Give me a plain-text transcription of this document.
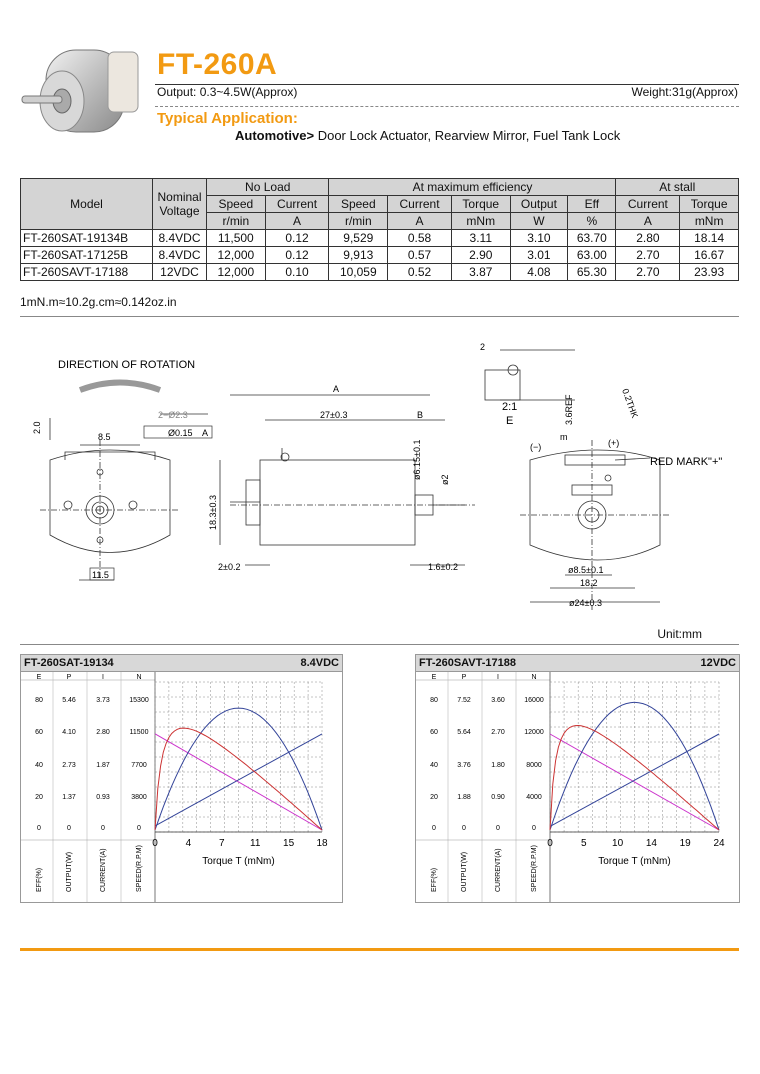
FT-260A
Output: 0.3~4.5W(Approx)	Weight:31g(Approx)
Typical Application:
Automotive> Door Lock Actuator, Rearview Mirror, Fuel Tank Lock
Model	Nominal Voltage	No Load		At maximum efficiency					At stall	
		Speed	Current	Speed	Current	Torque	Output	Eff	Current	Torque
		r/min	A	r/min	A	mNm	W	%	A	mNm
FT-260SAT-19134B	8.4VDC	11,500	0.12	9,529	0.58	3.11	3.10	63.70	2.80	18.14
FT-260SAT-17125B	8.4VDC	12,000	0.12	9,913	0.57	2.90	3.01	63.00	2.70	16.67
FT-260SAVT-17188	12VDC	12,000	0.10	10,059	0.52	3.87	4.08	65.30	2.70	23.93
1mN.m≈10.2g.cm≈0.142oz.in
DIRECTION OF ROTATION
2.0
8.5
2−Ø2.3
Ø0.15 A
11.5
A
27±0.3	B
ø6.15±0.1 ø2
18.3±0.3
2±0.2	1.6±0.2
2
2:1
E	3.6REF
m
0.2THK
(−)	(+)
RED MARK"+"
ø8.5±0.1
18.2
ø24±0.3
Unit:mm
FT-260SAT-19134	8.4VDC
E	P	I	N
80	5.46	3.73	15300
60	4.10	2.80	11500
40	2.73	1.87	7700
20	1.37	0.93	3800
0	0	0	0
EFF(%)	OUTPUT(W)	CURRENT(A)	SPEED(R.P.M)
0	4	7	11 15 18
Torque T (mNm)
FT-260SAVT-17188	12VDC
E	P	I	N
80	7.52	3.60	16000
60	5.64	2.70	12000
40	3.76	1.80	8000
20	1.88	0.90	4000
0	0	0	0
EFF(%)	OUTPUT(W)	CURRENT(A)	SPEED(R.P.M)
0	5	10 14 19 24
Torque T (mNm)
